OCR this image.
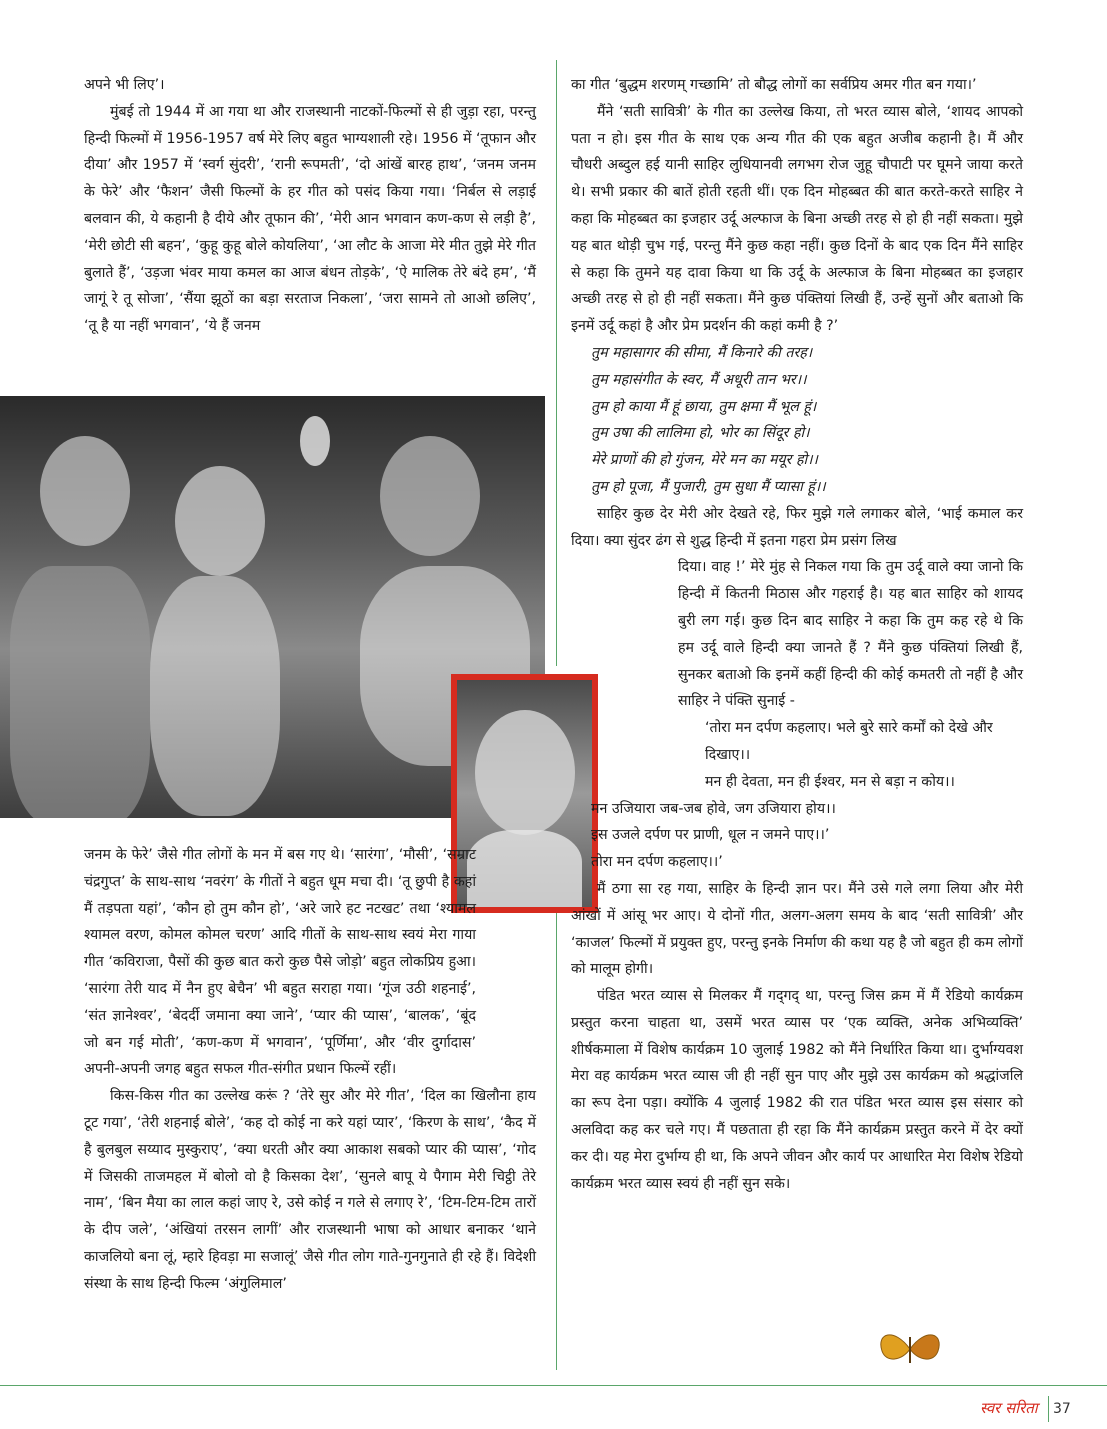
अपने भी लिए’।

मुंबई तो 1944 में आ गया था और राजस्थानी नाटकों-फिल्मों से ही जुड़ा रहा, परन्तु हिन्दी फिल्मों में 1956-1957 वर्ष मेरे लिए बहुत भाग्यशाली रहे। 1956 में ‘तूफान और दीया’ और 1957 में ‘स्वर्ग सुंदरी’, ‘रानी रूपमती’, ‘दो आंखें बारह हाथ’, ‘जनम जनम के फेरे’ और ‘फैशन’ जैसी फिल्मों के हर गीत को पसंद किया गया। ‘निर्बल से लड़ाई बलवान की, ये कहानी है दीये और तूफान की’, ‘मेरी आन भगवान कण-कण से लड़ी है’, ‘मेरी छोटी सी बहन’, ‘कुहू कुहू बोले कोयलिया’, ‘आ लौट के आजा मेरे मीत तुझे मेरे गीत बुलाते हैं’, ‘उड़जा भंवर माया कमल का आज बंधन तोड़के’, ‘ऐ मालिक तेरे बंदे हम’, ‘मैं जागूं रे तू सोजा’, ‘सैंया झूठों का बड़ा सरताज निकला’, ‘जरा सामने तो आओ छलिए’, ‘तू है या नहीं भगवान’, ‘ये हैं जनम

जनम के फेरे’ जैसे गीत लोगों के मन में बस गए थे। ‘सारंगा’, ‘मौसी’, ‘सम्राट चंद्रगुप्त’ के साथ-साथ ‘नवरंग’ के गीतों ने बहुत धूम मचा दी। ‘तू छुपी है कहां मैं तड़पता यहां’, ‘कौन हो तुम कौन हो’, ‘अरे जारे हट नटखट’ तथा ‘श्यामल श्यामल वरण, कोमल कोमल चरण’ आदि गीतों के साथ-साथ स्वयं मेरा गाया गीत ‘कविराजा, पैसों की कुछ बात करो कुछ पैसे जोड़ो’ बहुत लोकप्रिय हुआ। ‘सारंगा तेरी याद में नैन हुए बेचैन’ भी बहुत सराहा गया। ‘गूंज उठी शहनाई’, ‘संत ज्ञानेश्वर’, ‘बेदर्दी जमाना क्या जाने’, ‘प्यार की प्यास’, ‘बालक’, ‘बूंद जो बन गई मोती’, ‘कण-कण में भगवान’, ‘पूर्णिमा’, और ‘वीर दुर्गादास’ अपनी-अपनी जगह बहुत सफल गीत-संगीत प्रधान फिल्में रहीं।

किस-किस गीत का उल्लेख करूं ? ‘तेरे सुर और मेरे गीत’, ‘दिल का खिलौना हाय टूट गया’, ‘तेरी शहनाई बोले’, ‘कह दो कोई ना करे यहां प्यार’, ‘किरण के साथ’, ‘कैद में है बुलबुल सय्याद मुस्कुराए’, ‘क्या धरती और क्या आकाश सबको प्यार की प्यास’, ‘गोद में जिसकी ताजमहल में बोलो वो है किसका देश’, ‘सुनले बापू ये पैगाम मेरी चिट्ठी तेरे नाम’, ‘बिन मैया का लाल कहां जाए रे, उसे कोई न गले से लगाए रे’, ‘टिम-टिम-टिम तारों के दीप जले’, ‘अंखियां तरसन लागीं’ और राजस्थानी भाषा को आधार बनाकर ‘थाने काजलियो बना लूं, म्हारे हिवड़ा मा सजालूं’ जैसे गीत लोग गाते-गुनगुनाते ही रहे हैं। विदेशी संस्था के साथ हिन्दी फिल्म ‘अंगुलिमाल’

का गीत ‘बुद्धम शरणम् गच्छामि’ तो बौद्ध लोगों का सर्वप्रिय अमर गीत बन गया।’

मैंने ‘सती सावित्री’ के गीत का उल्लेख किया, तो भरत व्यास बोले, ‘शायद आपको पता न हो। इस गीत के साथ एक अन्य गीत की एक बहुत अजीब कहानी है। मैं और चौधरी अब्दुल हई यानी साहिर लुधियानवी लगभग रोज जुहू चौपाटी पर घूमने जाया करते थे। सभी प्रकार की बातें होती रहती थीं। एक दिन मोहब्बत की बात करते-करते साहिर ने कहा कि मोहब्बत का इजहार उर्दू अल्फाज के बिना अच्छी तरह से हो ही नहीं सकता। मुझे यह बात थोड़ी चुभ गई, परन्तु मैंने कुछ कहा नहीं। कुछ दिनों के बाद एक दिन मैंने साहिर से कहा कि तुमने यह दावा किया था कि उर्दू के अल्फाज के बिना मोहब्बत का इजहार अच्छी तरह से हो ही नहीं सकता। मैंने कुछ पंक्तियां लिखी हैं, उन्हें सुनों और बताओ कि इनमें उर्दू कहां है और प्रेम प्रदर्शन की कहां कमी है ?’

तुम महासागर की सीमा, मैं किनारे की तरह।
तुम महासंगीत के स्वर, मैं अधूरी तान भर।।
तुम हो काया मैं हूं छाया, तुम क्षमा मैं भूल हूं।
तुम उषा की लालिमा हो, भोर का सिंदूर हो।
मेरे प्राणों की हो गुंजन, मेरे मन का मयूर हो।।
तुम हो पूजा, मैं पुजारी, तुम सुधा मैं प्यासा हूं।।

साहिर कुछ देर मेरी ओर देखते रहे, फिर मुझे गले लगाकर बोले, ‘भाई कमाल कर दिया। क्या सुंदर ढंग से शुद्ध हिन्दी में इतना गहरा प्रेम प्रसंग लिख

दिया। वाह !’ मेरे मुंह से निकल गया कि तुम उर्दू वाले क्या जानो कि हिन्दी में कितनी मिठास और गहराई है। यह बात साहिर को शायद बुरी लग गई। कुछ दिन बाद साहिर ने कहा कि तुम कह रहे थे कि हम उर्दू वाले हिन्दी क्या जानते हैं ? मैंने कुछ पंक्तियां लिखी हैं, सुनकर बताओ कि इनमें कहीं हिन्दी की कोई कमतरी तो नहीं है और साहिर ने पंक्ति सुनाई -

‘तोरा मन दर्पण कहलाए। भले बुरे सारे कर्मों को देखे और दिखाए।।
मन ही देवता, मन ही ईश्वर, मन से बड़ा न कोय।।
मन उजियारा जब-जब होवे, जग उजियारा होय।।
इस उजले दर्पण पर प्राणी, धूल न जमने पाए।।’
तोरा मन दर्पण कहलाए।।’

मैं ठगा सा रह गया, साहिर के हिन्दी ज्ञान पर। मैंने उसे गले लगा लिया और मेरी आंखों में आंसू भर आए। ये दोनों गीत, अलग-अलग समय के बाद ‘सती सावित्री’ और ‘काजल’ फिल्मों में प्रयुक्त हुए, परन्तु इनके निर्माण की कथा यह है जो बहुत ही कम लोगों को मालूम होगी।

पंडित भरत व्यास से मिलकर मैं गद्‌गद् था, परन्तु जिस क्रम में मैं रेडियो कार्यक्रम प्रस्तुत करना चाहता था, उसमें भरत व्यास पर ‘एक व्यक्ति, अनेक अभिव्यक्ति’ शीर्षकमाला में विशेष कार्यक्रम 10 जुलाई 1982 को मैंने निर्धारित किया था। दुर्भाग्यवश मेरा वह कार्यक्रम भरत व्यास जी ही नहीं सुन पाए और मुझे उस कार्यक्रम को श्रद्धांजलि का रूप देना पड़ा। क्योंकि 4 जुलाई 1982 की रात पंडित भरत व्यास इस संसार को अलविदा कह कर चले गए। मैं पछताता ही रहा कि मैंने कार्यक्रम प्रस्तुत करने में देर क्यों कर दी। यह मेरा दुर्भाग्य ही था, कि अपने जीवन और कार्य पर आधारित मेरा विशेष रेडियो कार्यक्रम भरत व्यास स्वयं ही नहीं सुन सके।

स्वर सरिता 37
